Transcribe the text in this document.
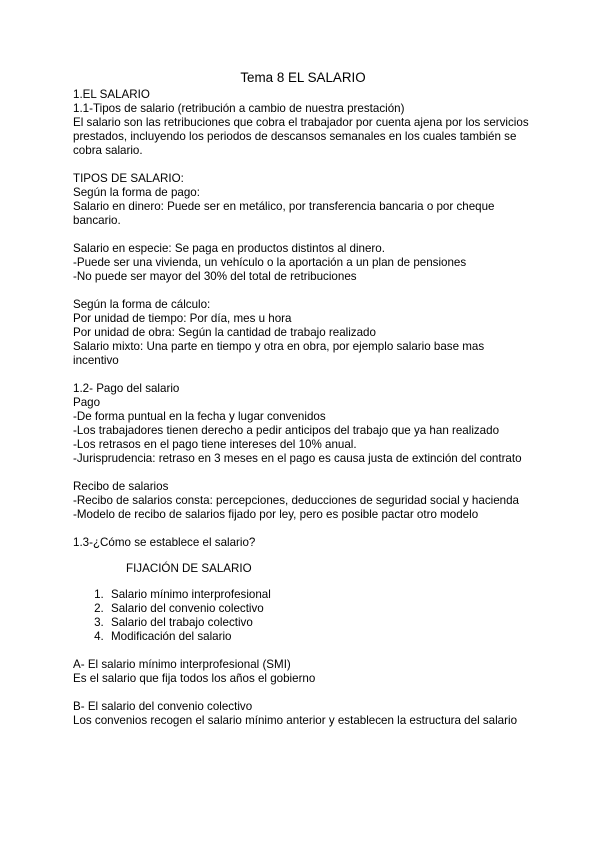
Tema 8 EL SALARIO

1.EL SALARIO

1.1-Tipos de salario (retribución a cambio de nuestra prestación)

El salario son las retribuciones que cobra el trabajador por cuenta ajena por los servicios prestados, incluyendo los periodos de descansos semanales en los cuales también se cobra salario.

TIPOS DE SALARIO:

Según la forma de pago:

Salario en dinero: Puede ser en metálico, por transferencia bancaria o por cheque bancario.

Salario en especie: Se paga en productos distintos al dinero.

-Puede ser una vivienda, un vehículo o la aportación a un plan de pensiones

-No puede ser mayor del 30% del total de retribuciones

Según la forma de cálculo:

Por unidad de tiempo: Por día, mes u hora

Por unidad de obra: Según la cantidad de trabajo realizado

Salario mixto: Una parte en tiempo y otra en obra, por ejemplo salario base mas incentivo

1.2- Pago del salario

Pago

-De forma puntual en la fecha y lugar convenidos

-Los trabajadores tienen derecho a pedir anticipos del trabajo que ya han realizado

-Los retrasos en el pago tiene intereses del 10% anual.

-Jurisprudencia: retraso en 3 meses en el pago es causa justa de extinción del contrato

Recibo de salarios

-Recibo de salarios consta: percepciones, deducciones de seguridad social y hacienda

-Modelo de recibo de salarios fijado por ley, pero es posible pactar otro modelo

1.3-¿Cómo se establece el salario?

FIJACIÓN DE SALARIO

1. Salario mínimo interprofesional
2. Salario del convenio colectivo
3. Salario del trabajo colectivo
4. Modificación del salario

A- El salario mínimo interprofesional (SMI)

Es el salario que fija todos los años el gobierno

B- El salario del convenio colectivo

Los convenios recogen el salario mínimo anterior y establecen la estructura del salario
